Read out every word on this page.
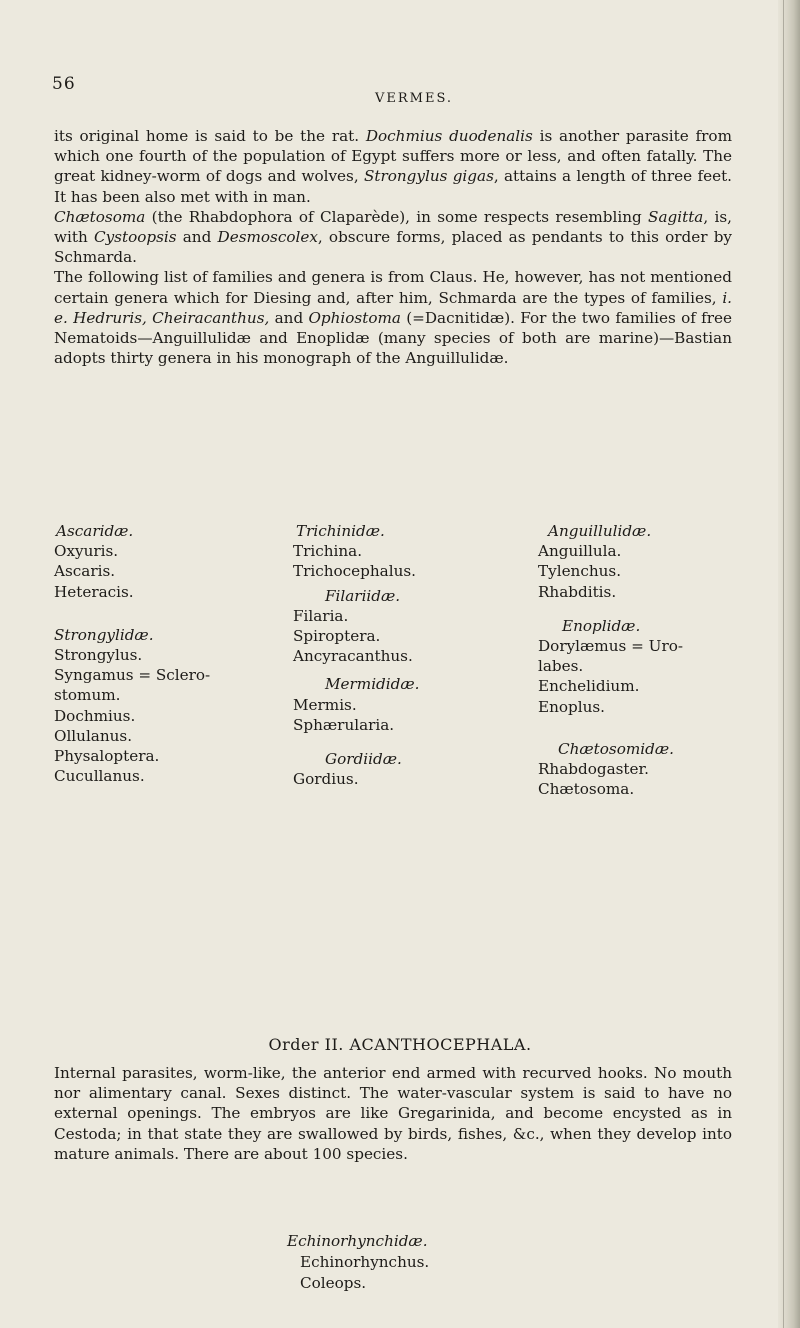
56
VERMES.

its original home is said to be the rat. Dochmius duodenalis is another parasite from which one fourth of the population of Egypt suffers more or less, and often fatally. The great kidney-worm of dogs and wolves, Strongylus gigas, attains a length of three feet. It has been also met with in man.

Chætosoma (the Rhabdophora of Claparède), in some respects resembling Sagitta, is, with Cystoopsis and Desmoscolex, obscure forms, placed as pendants to this order by Schmarda.

The following list of families and genera is from Claus. He, however, has not mentioned certain genera which for Diesing and, after him, Schmarda are the types of families, i. e. Hedruris, Cheiracanthus, and Ophiostoma (=Dacnitidæ). For the two families of free Nematoids—Anguillulidæ and Enoplidæ (many species of both are marine)—Bastian adopts thirty genera in his monograph of the Anguillulidæ.

Ascaridæ.
Oxyuris.
Ascaris.
Heteracis.
Strongylidæ.
Strongylus.
Syngamus = Sclero-
stomum.
Dochmius.
Ollulanus.
Physaloptera.
Cucullanus.
Trichinidæ.
Trichina.
Trichocephalus.
Filariidæ.
Filaria.
Spiroptera.
Ancyracanthus.
Mermididæ.
Mermis.
Sphærularia.
Gordiidæ.
Gordius.
Anguillulidæ.
Anguillula.
Tylenchus.
Rhabditis.
Enoplidæ.
Dorylæmus = Uro-
labes.
Enchelidium.
Enoplus.
Chætosomidæ.
Rhabdogaster.
Chætosoma.
Order II. ACANTHOCEPHALA.

Internal parasites, worm-like, the anterior end armed with recurved hooks. No mouth nor alimentary canal. Sexes distinct. The water-vascular system is said to have no external openings. The embryos are like Gregarinida, and become encysted as in Cestoda; in that state they are swallowed by birds, fishes, &c., when they develop into mature animals. There are about 100 species.

Echinorhynchidæ.
Echinorhynchus.
Coleops.
